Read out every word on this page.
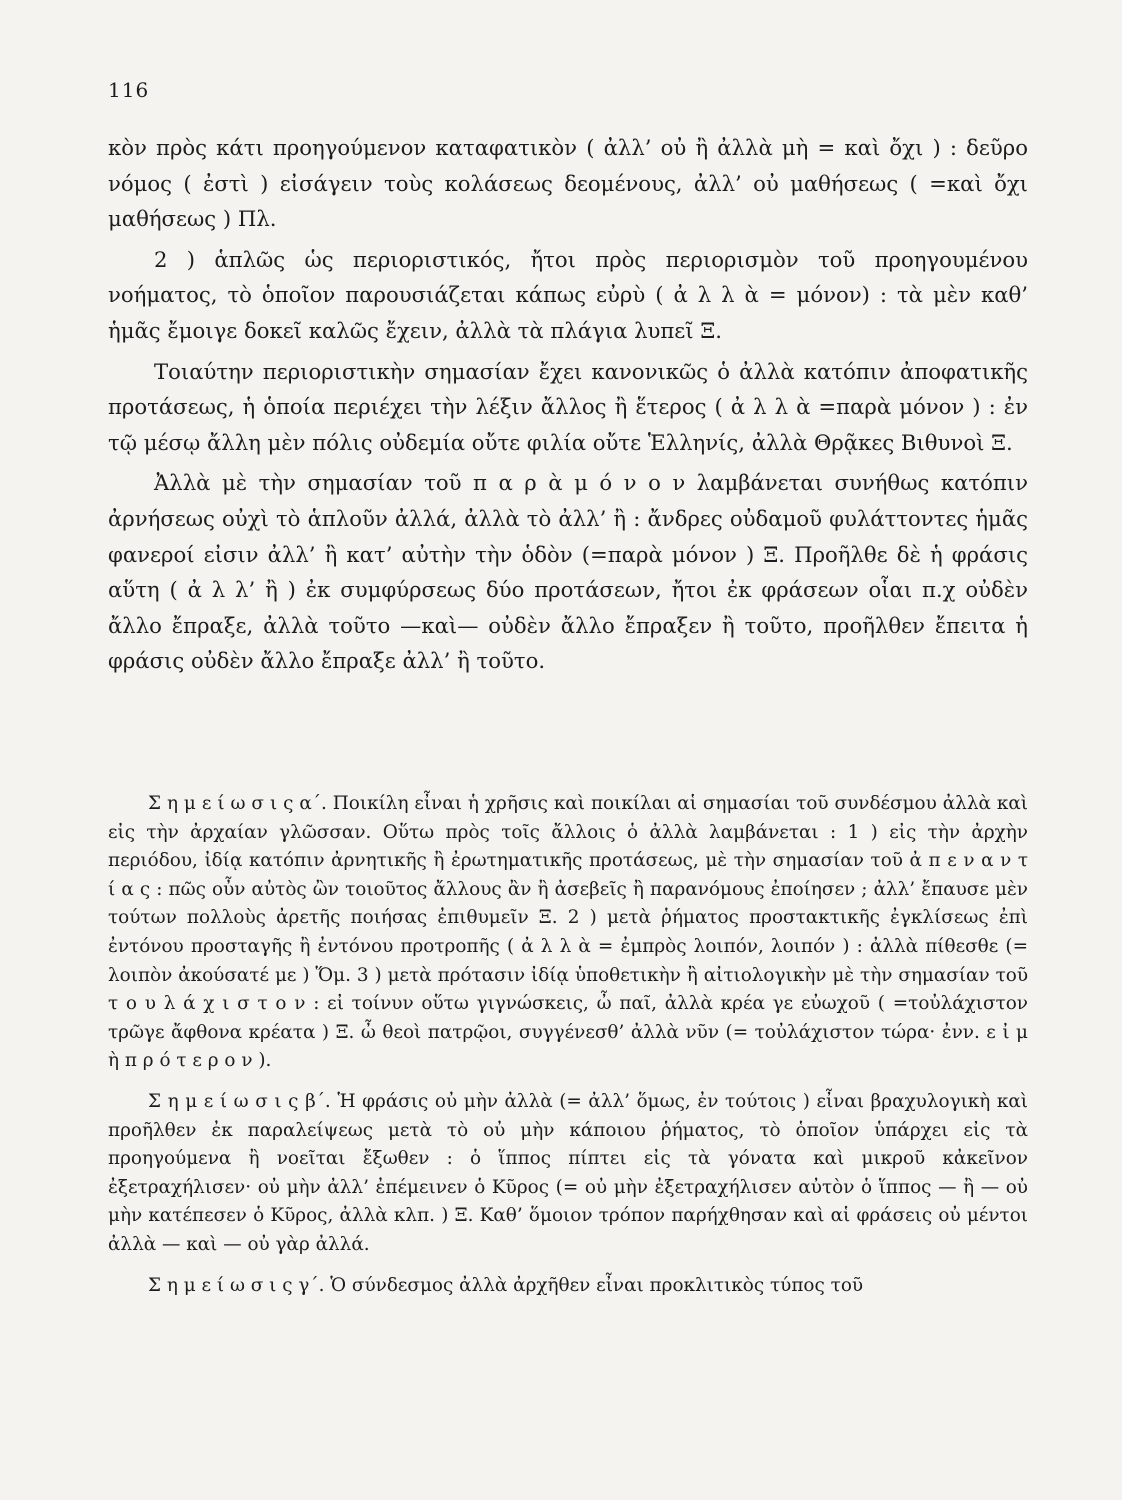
116

κὸν πρὸς κάτι προηγούμενον καταφατικὸν ( ἀλλ’ οὐ ἢ ἀλλὰ μὴ = καὶ ὄχι ) : δεῦρο νόμος ( ἐστὶ ) εἰσάγειν τοὺς κολάσεως δεομένους, ἀλλ’ οὐ μαθήσεως ( =καὶ ὄχι μαθήσεως ) Πλ.

2 ) ἁπλῶς ὡς περιοριστικός, ἤτοι πρὸς περιορισμὸν τοῦ προηγουμένου νοήματος, τὸ ὁποῖον παρουσιάζεται κάπως εὐρὺ ( ἀ λ λ ὰ = μόνον) : τὰ μὲν καθ’ ἡμᾶς ἔμοιγε δοκεῖ καλῶς ἔχειν, ἀλλὰ τὰ πλάγια λυπεῖ Ξ.

Τοιαύτην περιοριστικὴν σημασίαν ἔχει κανονικῶς ὁ ἀλλὰ κατόπιν ἀποφατικῆς προτάσεως, ἡ ὁποία περιέχει τὴν λέξιν ἄλλος ἢ ἕτερος ( ἀ λ λ ὰ =παρὰ μόνον ) : ἐν τῷ μέσῳ ἄλλη μὲν πόλις οὐδεμία οὔτε φιλία οὔτε Ἑλληνίς, ἀλλὰ Θρᾷκες Βιθυνοὶ Ξ.

Ἀλλὰ μὲ τὴν σημασίαν τοῦ π α ρ ὰ μ ό ν ο ν λαμβάνεται συνήθως κατόπιν ἀρνήσεως οὐχὶ τὸ ἁπλοῦν ἀλλά, ἀλλὰ τὸ ἀλλ’ ἢ : ἄνδρες οὐδαμοῦ φυλάττοντες ἡμᾶς φανεροί εἰσιν ἀλλ’ ἢ κατ’ αὐτὴν τὴν ὁδὸν (=παρὰ μόνον ) Ξ. Προῆλθε δὲ ἡ φράσις αὕτη ( ἀ λ λ’ ἢ ) ἐκ συμφύρσεως δύο προτάσεων, ἤτοι ἐκ φράσεων οἷαι π.χ οὐδὲν ἄλλο ἔπραξε, ἀλλὰ τοῦτο —καὶ— οὐδὲν ἄλλο ἔπραξεν ἢ τοῦτο, προῆλθεν ἔπειτα ἡ φράσις οὐδὲν ἄλλο ἔπραξε ἀλλ’ ἢ τοῦτο.

Σ η μ ε ί ω σ ι ς α΄. Ποικίλη εἶναι ἡ χρῆσις καὶ ποικίλαι αἱ σημασίαι τοῦ συνδέσμου ἀλλὰ καὶ εἰς τὴν ἀρχαίαν γλῶσσαν. Οὕτω πρὸς τοῖς ἄλλοις ὁ ἀλλὰ λαμβάνεται : 1 ) εἰς τὴν ἀρχὴν περιόδου, ἰδίᾳ κατόπιν ἀρνητικῆς ἢ ἐρωτηματικῆς προτάσεως, μὲ τὴν σημασίαν τοῦ ἀ π ε ν α ν τ ί α ς : πῶς οὖν αὐτὸς ὢν τοιοῦτος ἄλλους ἂν ἢ ἀσεβεῖς ἢ παρανόμους ἐποίησεν ; ἀλλ’ ἔπαυσε μὲν τούτων πολλοὺς ἀρετῆς ποιήσας ἐπιθυμεῖν Ξ. 2 ) μετὰ ῥήματος προστακτικῆς ἐγκλίσεως ἐπὶ ἐντόνου προσταγῆς ἢ ἐντόνου προτροπῆς ( ἀ λ λ ὰ = ἐμπρὸς λοιπόν, λοιπόν ) : ἀλλὰ πίθεσθε (= λοιπὸν ἀκούσατέ με ) Ὅμ. 3 ) μετὰ πρότασιν ἰδίᾳ ὑποθετικὴν ἢ αἰτιολογικὴν μὲ τὴν σημασίαν τοῦ τ ο υ λ ά χ ι σ τ ο ν : εἰ τοίνυν οὕτω γιγνώσκεις, ὦ παῖ, ἀλλὰ κρέα γε εὐωχοῦ ( =τοὐλάχιστον τρῶγε ἄφθονα κρέατα ) Ξ. ὦ θεοὶ πατρῷοι, συγγένεσθ’ ἀλλὰ νῦν (= τοὐλάχιστον τώρα· ἐνν. ε ἰ μ ὴ π ρ ό τ ε ρ ο ν ).

Σ η μ ε ί ω σ ι ς β΄. Ἡ φράσις οὐ μὴν ἀλλὰ (= ἀλλ’ ὅμως, ἐν τούτοις ) εἶναι βραχυλογικὴ καὶ προῆλθεν ἐκ παραλείψεως μετὰ τὸ οὐ μὴν κάποιου ῥήματος, τὸ ὁποῖον ὑπάρχει εἰς τὰ προηγούμενα ἢ νοεῖται ἔξωθεν : ὁ ἵππος πίπτει εἰς τὰ γόνατα καὶ μικροῦ κἀκεῖνον ἐξετραχήλισεν· οὐ μὴν ἀλλ’ ἐπέμεινεν ὁ Κῦρος (= οὐ μὴν ἐξετραχήλισεν αὐτὸν ὁ ἵππος — ἢ — οὐ μὴν κατέπεσεν ὁ Κῦρος, ἀλλὰ κλπ. ) Ξ. Καθ’ ὅμοιον τρόπον παρήχθησαν καὶ αἱ φράσεις οὐ μέντοι ἀλλὰ — καὶ — οὐ γὰρ ἀλλά.

Σ η μ ε ί ω σ ι ς γ΄. Ὁ σύνδεσμος ἀλλὰ ἀρχῆθεν εἶναι προκλιτικὸς τύπος τοῦ
